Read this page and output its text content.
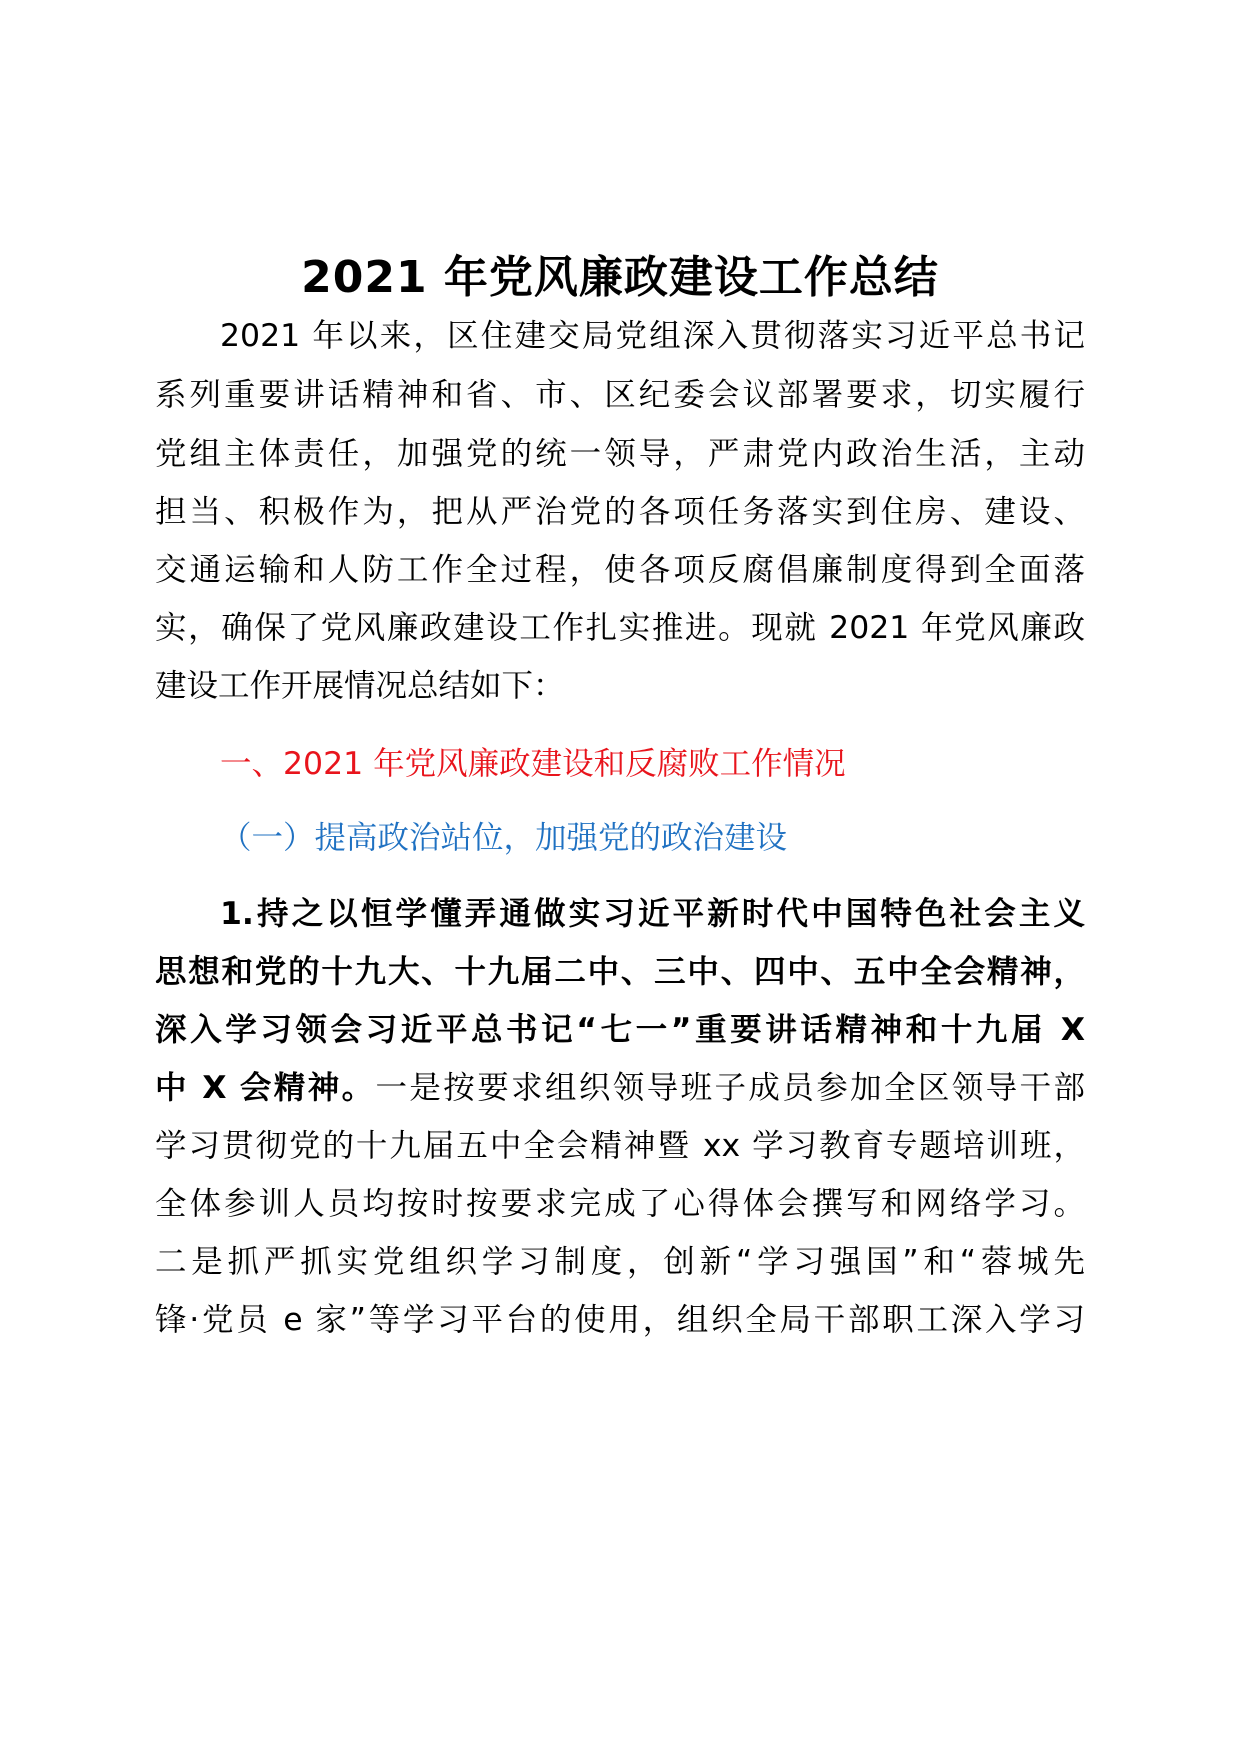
2021 年党风廉政建设工作总结
2021 年以来，区住建交局党组深入贯彻落实习近平总书记
系列重要讲话精神和省、市、区纪委会议部署要求，切实履行
党组主体责任，加强党的统一领导，严肃党内政治生活，主动
担当、积极作为，把从严治党的各项任务落实到住房、建设、
交通运输和人防工作全过程，使各项反腐倡廉制度得到全面落
实，确保了党风廉政建设工作扎实推进。现就 2021 年党风廉政
建设工作开展情况总结如下：
一、2021 年党风廉政建设和反腐败工作情况
（一）提高政治站位，加强党的政治建设
1.持之以恒学懂弄通做实习近平新时代中国特色社会主义
思想和党的十九大、十九届二中、三中、四中、五中全会精神，
深入学习领会习近平总书记“七一”重要讲话精神和十九届 X
中 X 会精神。一是按要求组织领导班子成员参加全区领导干部
学习贯彻党的十九届五中全会精神暨 xx 学习教育专题培训班，
全体参训人员均按时按要求完成了心得体会撰写和网络学习。
二是抓严抓实党组织学习制度，创新“学习强国”和“蓉城先
锋·党员 e 家”等学习平台的使用，组织全局干部职工深入学习
